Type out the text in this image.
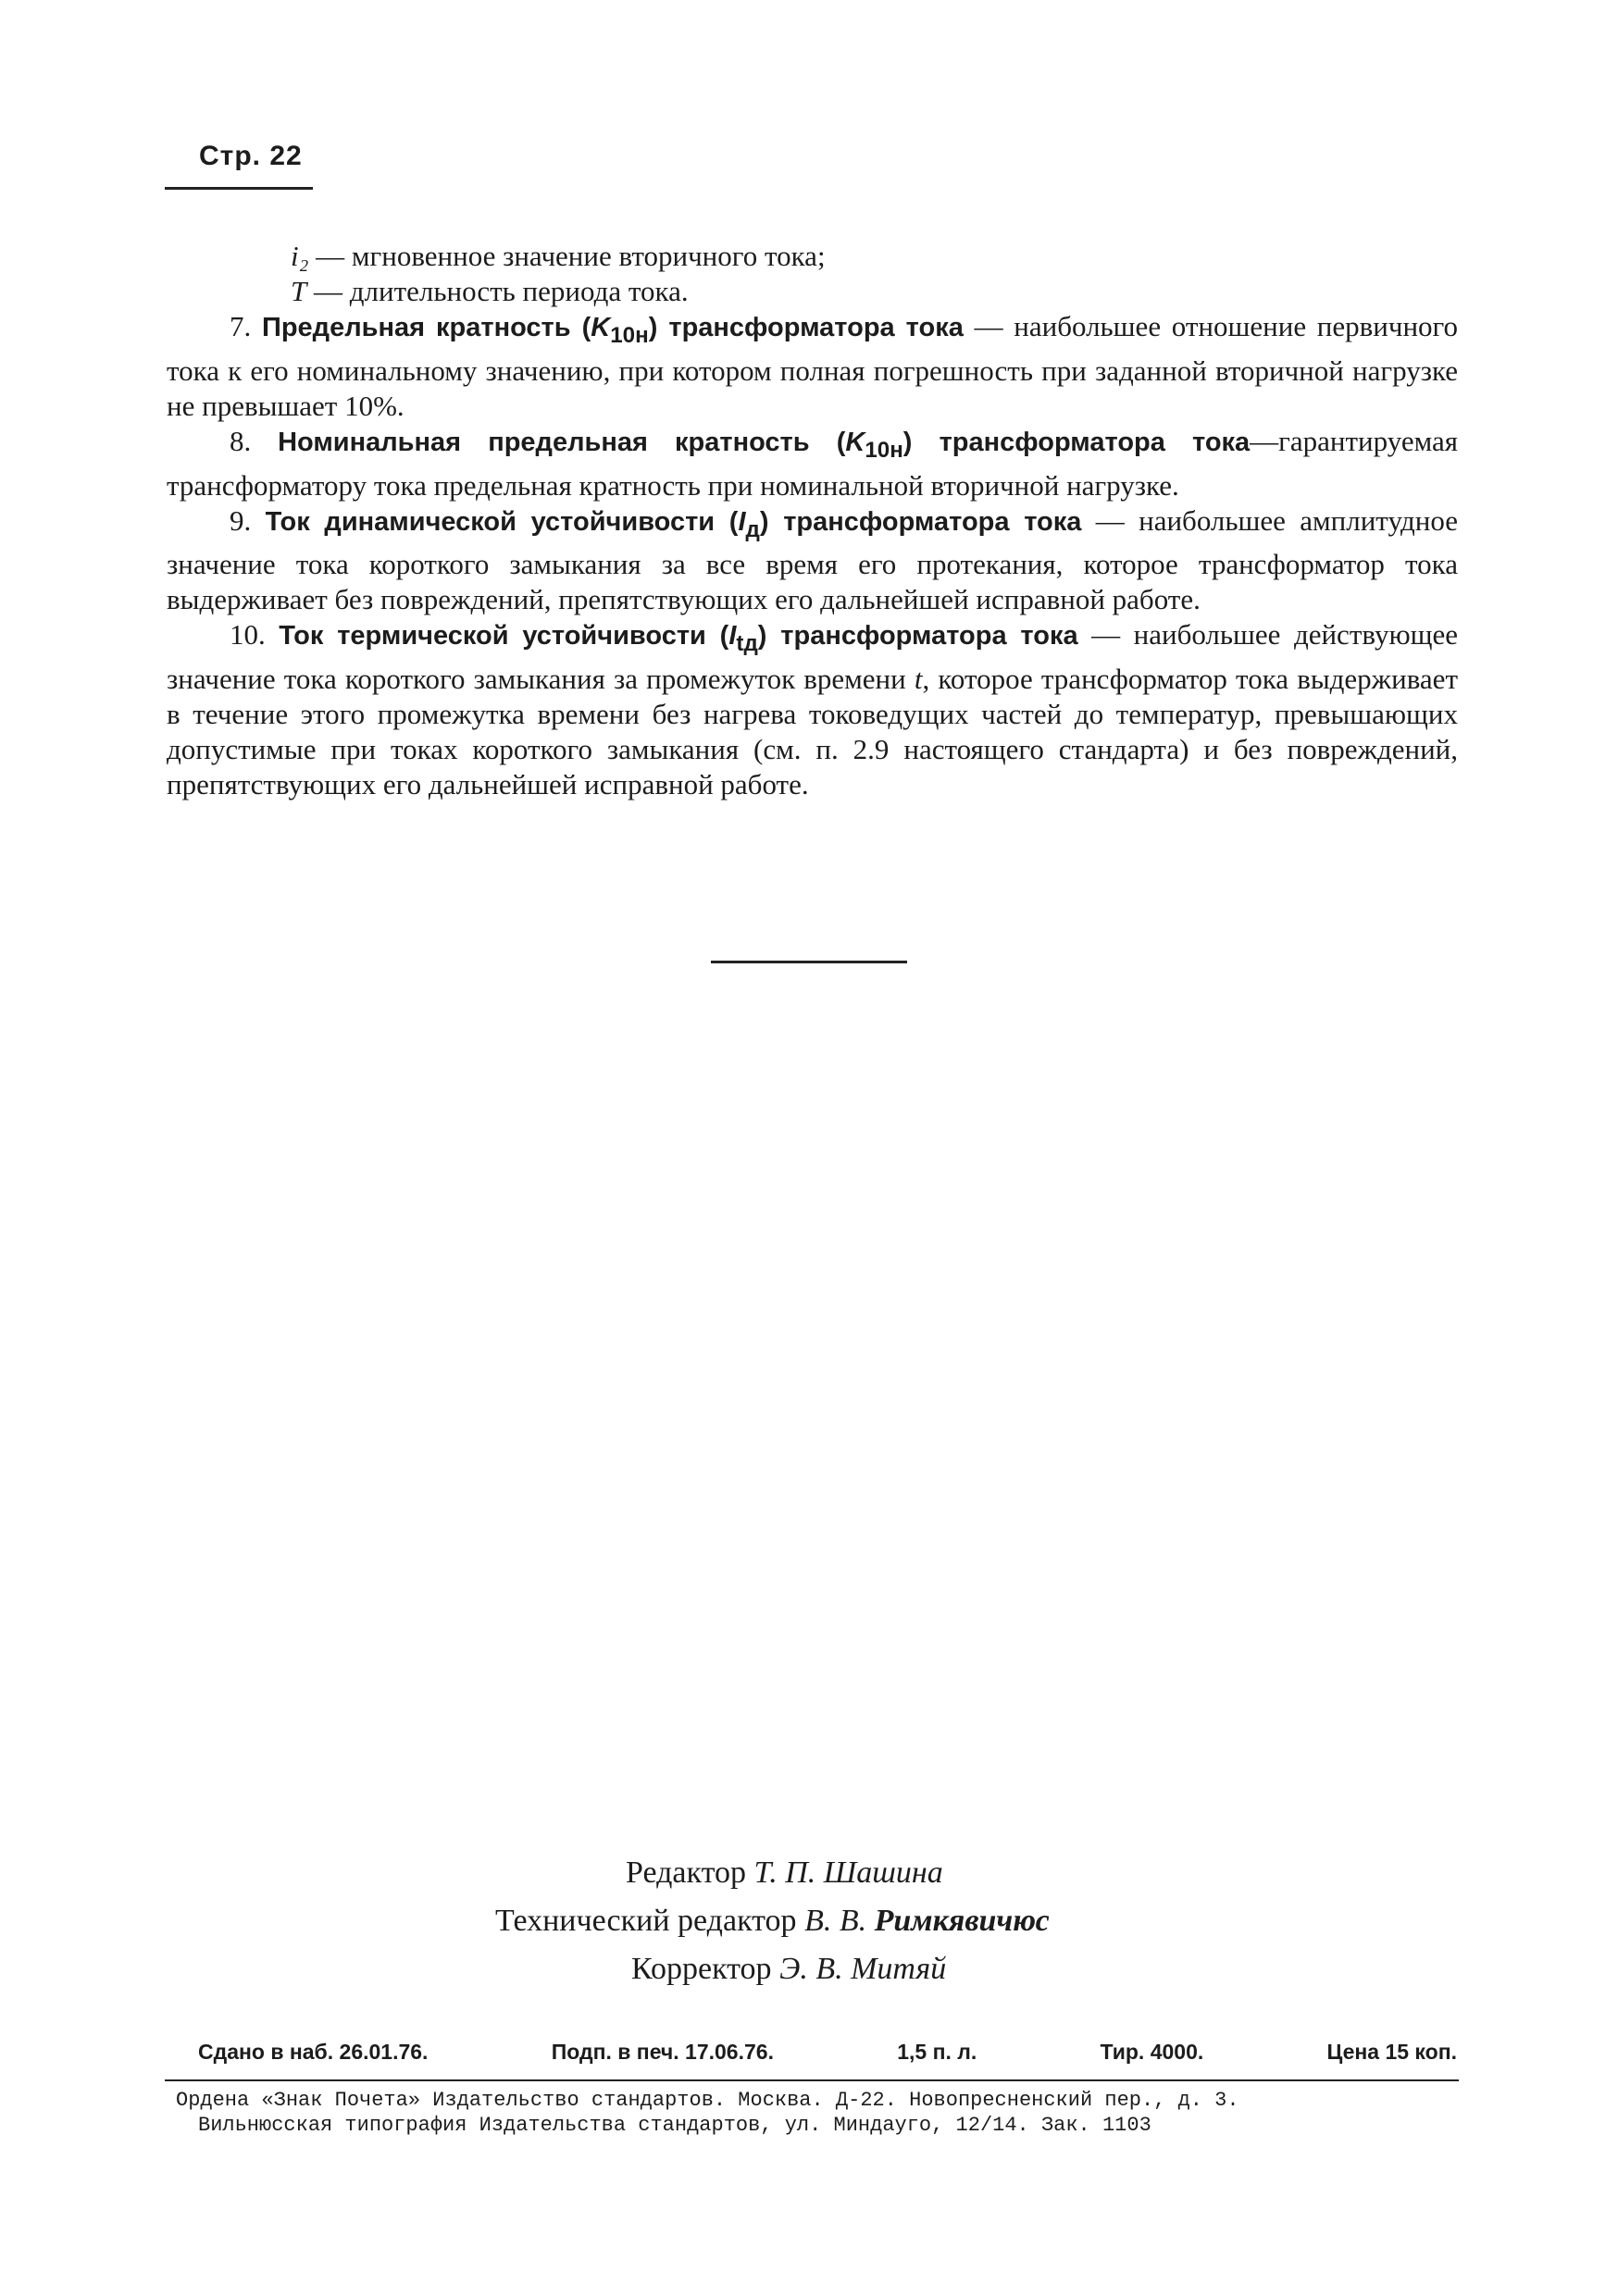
Стр. 22
i₂ — мгновенное значение вторичного тока;
T — длительность периода тока.

7. Предельная кратность $(K_{10н})$ трансформатора тока — наибольшее отношение первичного тока к его номинальному значению, при котором полная погрешность при заданной вторичной нагрузке не превышает 10%.

8. Номинальная предельная кратность $(K_{10н})$ трансформатора тока—гарантируемая трансформатору тока предельная кратность при номинальной вторичной нагрузке.

9. Ток динамической устойчивости $(I_д)$ трансформатора тока — наибольшее амплитудное значение тока короткого замыкания за все время его протекания, которое трансформатор тока выдерживает без повреждений, препятствующих его дальнейшей исправной работе.

10. Ток термической устойчивости $(I_{tд})$ трансформатора тока — наибольшее действующее значение тока короткого замыкания за промежуток времени t, которое трансформатор тока выдерживает в течение этого промежутка времени без нагрева токоведущих частей до температур, превышающих допустимые при токах короткого замыкания (см. п. 2.9 настоящего стандарта) и без повреждений, препятствующих его дальнейшей исправной работе.

Редактор Т. П. Шашина
Технический редактор В. В. Римкявичюс
Корректор Э. В. Митяй
Сдано в наб. 26.01.76.	Подп. в печ. 17.06.76.	1,5 п. л.	Тир. 4000.	Цена 15 коп.
Ордена «Знак Почета» Издательство стандартов. Москва. Д-22. Новопресненский пер., д. 3.
Вильнюсская типография Издательства стандартов, ул. Миндауго, 12/14. Зак. 1103
